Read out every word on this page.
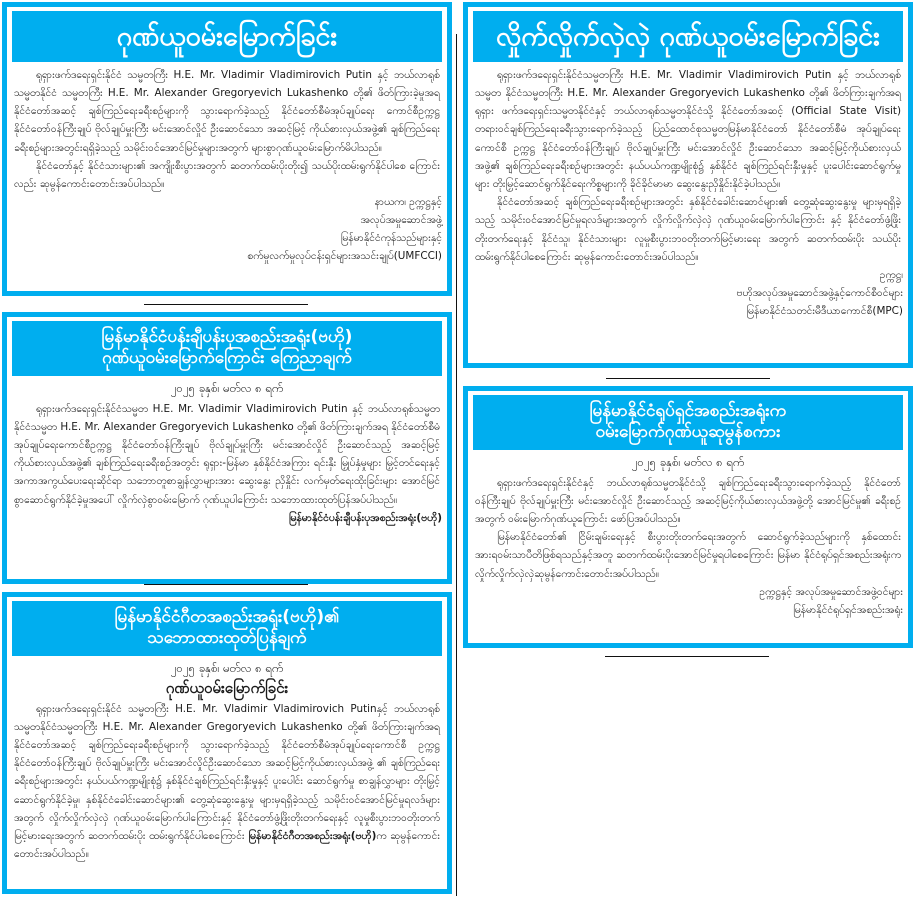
ဂုဏ်ယူဝမ်းမြောက်ခြင်း

ရုရှားဖက်ဒရေးရှင်းနိုင်ငံ သမ္မတကြီး H.E. Mr. Vladimir Vladimirovich Putin နှင့် ဘယ်လာရုစ် သမ္မတနိုင်ငံ သမ္မတကြီး H.E. Mr. Alexander Gregoryevich Lukashenko တို့၏ ဖိတ်ကြားခဲ့မှုအရ နိုင်ငံတော်အဆင့် ချစ်ကြည်ရေးခရီးစဉ်များကို သွားရောက်ခဲ့သည့် နိုင်ငံတော်စီမံအုပ်ချုပ်ရေး ကောင်စီဥက္ကဋ္ဌ နိုင်ငံတော်ဝန်ကြီးချုပ် ဗိုလ်ချုပ်မှူးကြီး မင်းအောင်လှိုင် ဦးဆောင်သော အဆင့်မြင့် ကိုယ်စားလှယ်အဖွဲ့၏ ချစ်ကြည်ရေးခရီးစဉ်များအတွင်းရရှိခဲ့သည့် သမိုင်းဝင်အောင်မြင်မှုများအတွက် များစွာဂုဏ်ယူဝမ်းမြောက်မိပါသည်။

နိုင်ငံတော်နှင့် နိုင်ငံသားများ၏ အကျိုးစီးပွားအတွက် ဆတက်ထမ်းပိုးတိုး၍ သယ်ပိုးထမ်းရွက်နိုင်ပါစေ ကြောင်းလည်း ဆုမွန်ကောင်းတောင်းအပ်ပါသည်။

နာယက၊ ဥက္ကဋ္ဌနှင့်
အလုပ်အမှုဆောင်အဖွဲ့
မြန်မာနိုင်ငံကုန်သည်များနှင့်
စက်မှုလက်မှုလုပ်ငန်းရှင်များအသင်းချုပ်(UMFCCI)
မြန်မာနိုင်ငံပန်းချီပန်းပုအစည်းအရုံး(ဗဟို)
ဂုဏ်ယူဝမ်းမြောက်ကြောင်း ကြေညာချက်
၂၀၂၅ ခုနှစ်၊ မတ်လ ၈ ရက်

ရုရှားဖက်ဒရေးရှင်းနိုင်ငံသမ္မတ H.E. Mr. Vladimir Vladimirovich Putin နှင့် ဘယ်လာရုစ်သမ္မတ နိုင်ငံသမ္မတ H.E. Mr. Alexander Gregoryevich Lukashenko တို့၏ ဖိတ်ကြားချက်အရ နိုင်ငံတော်စီမံ အုပ်ချုပ်ရေးကောင်စီဥက္ကဋ္ဌ နိုင်ငံတော်ဝန်ကြီးချုပ် ဗိုလ်ချုပ်မှူးကြီး မင်းအောင်လှိုင် ဦးဆောင်သည့် အဆင့်မြင့် ကိုယ်စားလှယ်အဖွဲ့၏ ချစ်ကြည်ရေးခရီးစဉ်အတွင်း ရုရှား-မြန်မာ နှစ်နိုင်ငံအကြား ရင်းနှီး မြှုပ်နှံမှုများ မြှင့်တင်ရေးနှင့် အကာအကွယ်ပေးရေးဆိုင်ရာ သဘောတူစာချွန်လွှာများအား ဆွေးနွေး ညှိနှိုင်း လက်မှတ်ရေးထိုးခြင်းများ အောင်မြင်စွာဆောင်ရွက်နိုင်ခဲ့မှုအပေါ် လှိုက်လှဲစွာဝမ်းမြောက် ဂုဏ်ယူပါကြောင်း သဘောထားထုတ်ပြန်အပ်ပါသည်။

မြန်မာနိုင်ငံပန်းချီပန်းပုအစည်းအရုံး(ဗဟို)
မြန်မာနိုင်ငံဂီတအစည်းအရုံး(ဗဟို)၏
သဘောထားထုတ်ပြန်ချက်
၂၀၂၅ ခုနှစ်၊ မတ်လ ၈ ရက်
ဂုဏ်ယူဝမ်းမြောက်ခြင်း

ရုရှားဖက်ဒရေးရှင်းနိုင်ငံ သမ္မတကြီး H.E. Mr. Vladimir Vladimirovich Putinနှင့် ဘယ်လာရုစ် သမ္မတနိုင်ငံသမ္မတကြီး H.E. Mr. Alexander Gregoryevich Lukashenko တို့၏ ဖိတ်ကြားချက်အရ နိုင်ငံတော်အဆင့် ချစ်ကြည်ရေးခရီးစဉ်များကို သွားရောက်ခဲ့သည့် နိုင်ငံတော်စီမံအုပ်ချုပ်ရေးကောင်စီ ဥက္ကဋ္ဌ နိုင်ငံတော်ဝန်ကြီးချုပ် ဗိုလ်ချုပ်မှူးကြီး မင်းအောင်လှိုင်ဦးဆောင်သော အဆင့်မြင့်ကိုယ်စားလှယ်အဖွဲ့ ၏ ချစ်ကြည်ရေးခရီးစဉ်များအတွင်း နယ်ပယ်ကဏ္ဍမျိုးစုံ၌ နှစ်နိုင်ငံချစ်ကြည်ရင်းနှီးမှုနှင့် ပူးပေါင်း ဆောင်ရွက်မှု စာချွန်လွှာများ တိုးမြှင့်ဆောင်ရွက်နိုင်ခဲ့မှု၊ နှစ်နိုင်ငံခေါင်းဆောင်များ၏ တွေ့ဆုံဆွေးနွေးမှု များမှရရှိခဲ့သည့် သမိုင်းဝင်အောင်မြင်မှုရလဒ်များအတွက် လှိုက်လှိုက်လှဲလှဲ ဂုဏ်ယူဝမ်းမြောက်ပါကြောင်းနှင့် နိုင်ငံတော်ဖွံ့ဖြိုးတိုးတက်ရေးနှင့် လူမှုစီးပွားဘဝတိုးတက်မြင့်မားရေးအတွက် ဆတက်ထမ်းပိုး ထမ်းရွက်နိုင်ပါစေကြောင်း မြန်မာနိုင်ငံဂီတအစည်းအရုံး(ဗဟို)က ဆုမွန်ကောင်းတောင်းအပ်ပါသည်။

လှိုက်လှိုက်လှဲလှဲ ဂုဏ်ယူဝမ်းမြောက်ခြင်း

ရုရှားဖက်ဒရေးရှင်းနိုင်ငံသမ္မတကြီး H.E. Mr. Vladimir Vladimirovich Putin နှင့် ဘယ်လာရုစ်သမ္မတ နိုင်ငံသမ္မတကြီး H.E. Mr. Alexander Gregoryevich Lukashenko တို့၏ ဖိတ်ကြားချက်အရ ရုရှား ဖက်ဒရေးရှင်းသမ္မတနိုင်ငံနှင့် ဘယ်လာရုစ်သမ္မတနိုင်ငံသို့ နိုင်ငံတော်အဆင့် (Official State Visit) တရားဝင်ချစ်ကြည်ရေးခရီးသွားရောက်ခဲ့သည့် ပြည်ထောင်စုသမ္မတမြန်မာနိုင်ငံတော် နိုင်ငံတော်စီမံ အုပ်ချုပ်ရေးကောင်စီ ဥက္ကဋ္ဌ နိုင်ငံတော်ဝန်ကြီးချုပ် ဗိုလ်ချုပ်မှူးကြီး မင်းအောင်လှိုင် ဦးဆောင်သော အဆင့်မြင့်ကိုယ်စားလှယ်အဖွဲ့၏ ချစ်ကြည်ရေးခရီးစဉ်များအတွင်း နယ်ပယ်ကဏ္ဍမျိုးစုံ၌ နှစ်နိုင်ငံ ချစ်ကြည်ရင်းနှီးမှုနှင့် ပူးပေါင်းဆောင်ရွက်မှုများ တိုးမြှင့်ဆောင်ရွက်နိုင်ရေးကိစ္စများကို ခိုင်ခိုင်မာမာ ဆွေးနွေးညှိနှိုင်းနိုင်ခဲ့ပါသည်။

နိုင်ငံတော်အဆင့် ချစ်ကြည်ရေးခရီးစဉ်များအတွင်း နှစ်နိုင်ငံခေါင်းဆောင်များ၏ တွေ့ဆုံဆွေးနွေးမှု များမှရရှိခဲ့သည့် သမိုင်းဝင်အောင်မြင်မှုရလဒ်များအတွက် လှိုက်လှိုက်လှဲလှဲ ဂုဏ်ယူဝမ်းမြောက်ပါကြောင်း နှင့် နိုင်ငံတော်ဖွံ့ဖြိုးတိုးတက်ရေးနှင့် နိုင်ငံသူ၊ နိုင်ငံသားများ လူမှုစီးပွားဘဝတိုးတက်မြင့်မားရေး အတွက် ဆတက်ထမ်းပိုး သယ်ပိုးထမ်းရွက်နိုင်ပါစေကြောင်း ဆုမွန်ကောင်းတောင်းအပ်ပါသည်။

ဥက္ကဋ္ဌ၊
ဗဟိုအလုပ်အမှုဆောင်အဖွဲ့နှင့်ကောင်စီဝင်များ
မြန်မာနိုင်ငံသတင်းမီဒီယာကောင်စီ(MPC)
မြန်မာနိုင်ငံရုပ်ရှင်အစည်းအရုံးက
ဝမ်းမြောက်ဂုဏ်ယူဆုမွန်စကား
၂၀၂၅ ခုနှစ်၊ မတ်လ ၈ ရက်

ရုရှားဖက်ဒရေးရှင်းနိုင်ငံနှင့် ဘယ်လာရုစ်သမ္မတနိုင်ငံသို့ ချစ်ကြည်ရေးခရီးသွားရောက်ခဲ့သည့် နိုင်ငံတော်ဝန်ကြီးချုပ် ဗိုလ်ချုပ်မှူးကြီး မင်းအောင်လှိုင် ဦးဆောင်သည့် အဆင့်မြင့်ကိုယ်စားလှယ်အဖွဲ့တို့ အောင်မြင်မှု၏ ခရီးစဉ်အတွက် ဝမ်းမြောက်ဂုဏ်ယူကြောင်း ဖော်ပြအပ်ပါသည်။

မြန်မာနိုင်ငံတော်၏ ငြိမ်းချမ်းရေးနှင့် စီးပွားတိုးတက်ရေးအတွက် ဆောင်ရွက်ခဲ့သည်များကို နှစ်ထောင်းအားရဝမ်းသာပီတိဖြစ်ရသည်နှင့်အတူ ဆတက်ထမ်းပိုးအောင်မြင်မှုရပါစေကြောင်း မြန်မာ နိုင်ငံရုပ်ရှင်အစည်းအရုံးက လှိုက်လှိုက်လှဲလှဲဆုမွန်ကောင်းတောင်းအပ်ပါသည်။

ဥက္ကဋ္ဌနှင့် အလုပ်အမှုဆောင်အဖွဲ့ဝင်များ
မြန်မာနိုင်ငံရုပ်ရှင်အစည်းအရုံး
